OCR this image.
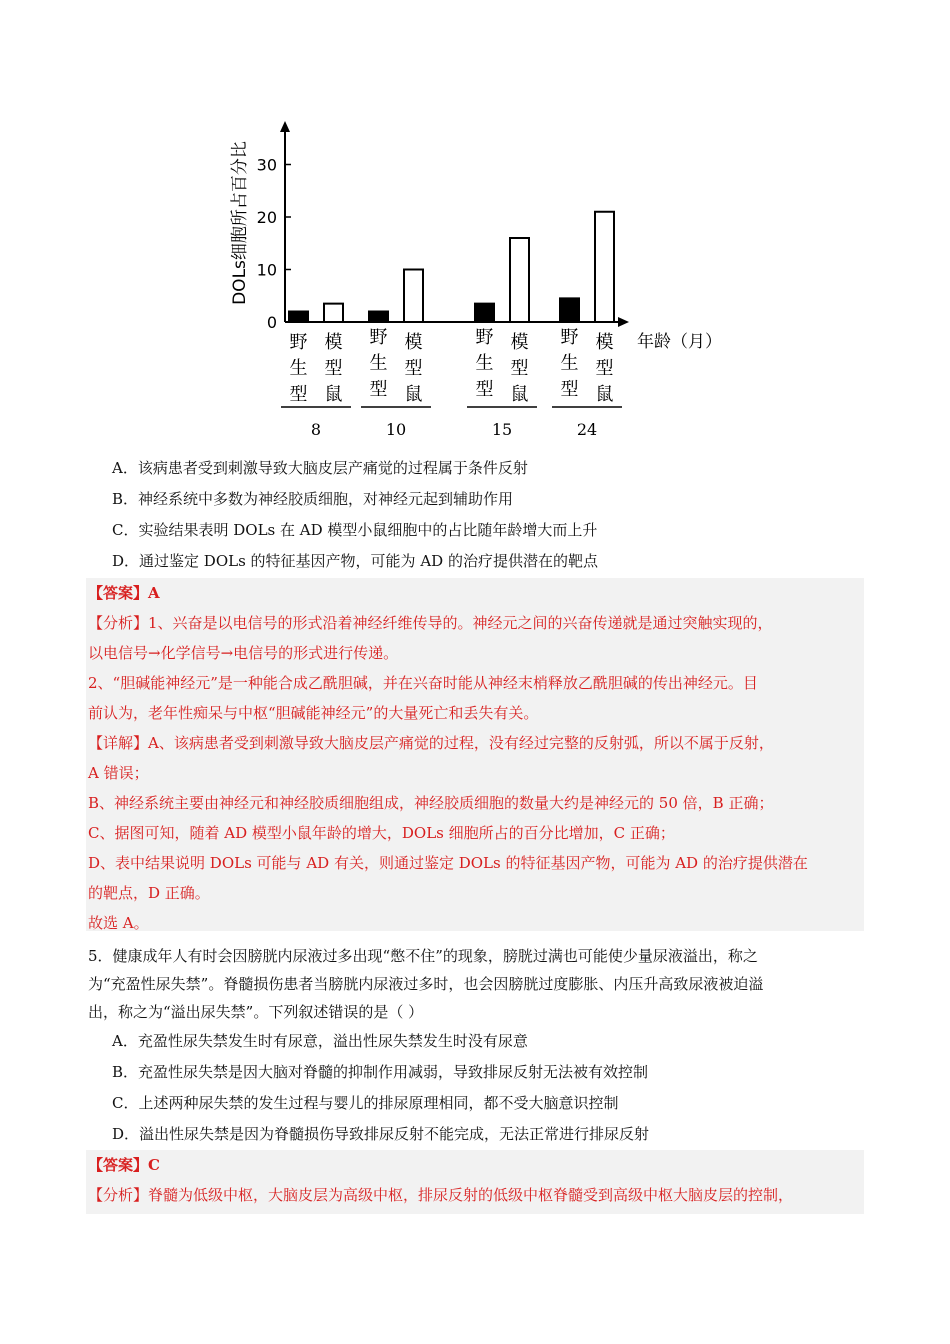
DOLs细胞所占百分比
年龄（月）
0
10
20
30
野生型
模型鼠
8
野生型
模型鼠
10
野生型
模型鼠
15
野生型
模型鼠
24
A．该病患者受到刺激导致大脑皮层产痛觉的过程属于条件反射
B．神经系统中多数为神经胶质细胞，对神经元起到辅助作用
C．实验结果表明 DOLs 在 AD 模型小鼠细胞中的占比随年龄增大而上升
D．通过鉴定 DOLs 的特征基因产物，可能为 AD 的治疗提供潜在的靶点
【答案】A
【分析】1、兴奋是以电信号的形式沿着神经纤维传导的。神经元之间的兴奋传递就是通过突触实现的，
以电信号→化学信号→电信号的形式进行传递。
2、“胆碱能神经元”是一种能合成乙酰胆碱，并在兴奋时能从神经末梢释放乙酰胆碱的传出神经元。目
前认为，老年性痴呆与中枢“胆碱能神经元”的大量死亡和丢失有关。
【详解】A、该病患者受到刺激导致大脑皮层产痛觉的过程，没有经过完整的反射弧，所以不属于反射，
A 错误；
B、神经系统主要由神经元和神经胶质细胞组成，神经胶质细胞的数量大约是神经元的 50 倍，B 正确；
C、据图可知，随着 AD 模型小鼠年龄的增大，DOLs 细胞所占的百分比增加，C 正确；
D、表中结果说明 DOLs 可能与 AD 有关，则通过鉴定 DOLs 的特征基因产物，可能为 AD 的治疗提供潜在
的靶点，D 正确。
故选 A。
5．健康成年人有时会因膀胱内尿液过多出现“憋不住”的现象，膀胱过满也可能使少量尿液溢出，称之
为“充盈性尿失禁”。脊髓损伤患者当膀胱内尿液过多时，也会因膀胱过度膨胀、内压升高致尿液被迫溢
出，称之为“溢出尿失禁”。下列叙述错误的是（ ）
A．充盈性尿失禁发生时有尿意，溢出性尿失禁发生时没有尿意
B．充盈性尿失禁是因大脑对脊髓的抑制作用减弱，导致排尿反射无法被有效控制
C．上述两种尿失禁的发生过程与婴儿的排尿原理相同，都不受大脑意识控制
D．溢出性尿失禁是因为脊髓损伤导致排尿反射不能完成，无法正常进行排尿反射
【答案】C
【分析】脊髓为低级中枢，大脑皮层为高级中枢，排尿反射的低级中枢脊髓受到高级中枢大脑皮层的控制，
